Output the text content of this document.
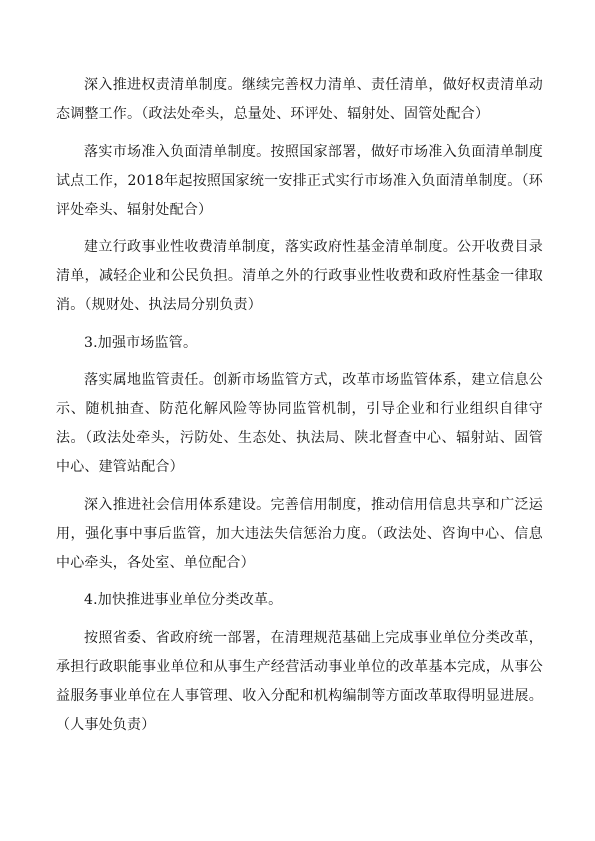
深入推进权责清单制度。继续完善权力清单、责任清单，做好权责清单动态调整工作。（政法处牵头，总量处、环评处、辐射处、固管处配合）

落实市场准入负面清单制度。按照国家部署，做好市场准入负面清单制度试点工作，2018年起按照国家统一安排正式实行市场准入负面清单制度。（环评处牵头、辐射处配合）

建立行政事业性收费清单制度，落实政府性基金清单制度。公开收费目录清单，减轻企业和公民负担。清单之外的行政事业性收费和政府性基金一律取消。（规财处、执法局分别负责）

3.加强市场监管。

落实属地监管责任。创新市场监管方式，改革市场监管体系，建立信息公示、随机抽查、防范化解风险等协同监管机制，引导企业和行业组织自律守法。（政法处牵头，污防处、生态处、执法局、陕北督查中心、辐射站、固管中心、建管站配合）

深入推进社会信用体系建设。完善信用制度，推动信用信息共享和广泛运用，强化事中事后监管，加大违法失信惩治力度。（政法处、咨询中心、信息中心牵头，各处室、单位配合）

4.加快推进事业单位分类改革。

按照省委、省政府统一部署，在清理规范基础上完成事业单位分类改革，承担行政职能事业单位和从事生产经营活动事业单位的改革基本完成，从事公益服务事业单位在人事管理、收入分配和机构编制等方面改革取得明显进展。（人事处负责）
